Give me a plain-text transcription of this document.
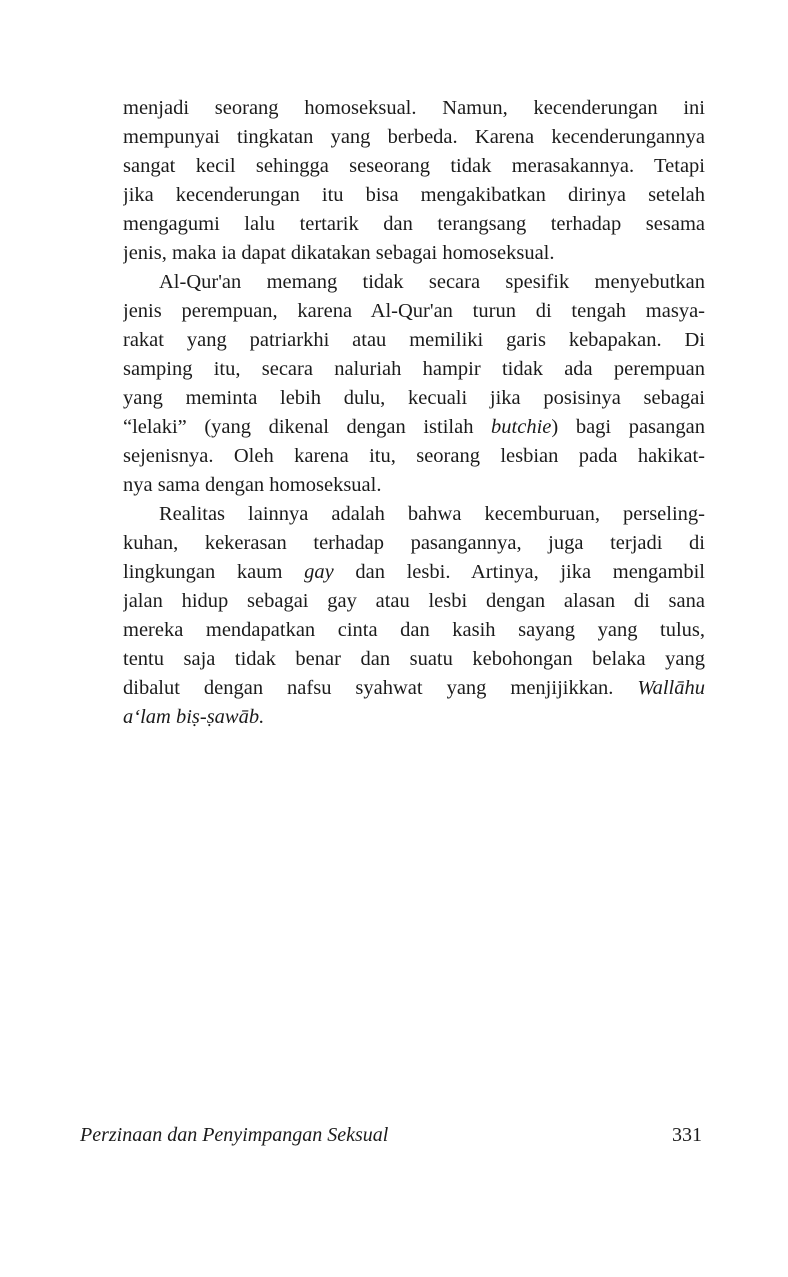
menjadi seorang homoseksual. Namun, kecenderungan ini
mempunyai tingkatan yang berbeda. Karena kecenderungannya
sangat kecil sehingga seseorang tidak merasakannya. Tetapi
jika kecenderungan itu bisa mengakibatkan dirinya setelah
mengagumi lalu tertarik dan terangsang terhadap sesama
jenis, maka ia dapat dikatakan sebagai homoseksual.
Al-Qur'an memang tidak secara spesifik menyebutkan
jenis perempuan, karena Al-Qur'an turun di tengah masya-
rakat yang patriarkhi atau memiliki garis kebapakan. Di
samping itu, secara naluriah hampir tidak ada perempuan
yang meminta lebih dulu, kecuali jika posisinya sebagai
“lelaki” (yang dikenal dengan istilah butchie) bagi pasangan
sejenisnya. Oleh karena itu, seorang lesbian pada hakikat-
nya sama dengan homoseksual.
Realitas lainnya adalah bahwa kecemburuan, perseling-
kuhan, kekerasan terhadap pasangannya, juga terjadi di
lingkungan kaum gay dan lesbi. Artinya, jika mengambil
jalan hidup sebagai gay atau lesbi dengan alasan di sana
mereka mendapatkan cinta dan kasih sayang yang tulus,
tentu saja tidak benar dan suatu kebohongan belaka yang
dibalut dengan nafsu syahwat yang menjijikkan. Wallāhu
a‘lam biṣ-ṣawāb.
Perzinaan dan Penyimpangan Seksual	331
